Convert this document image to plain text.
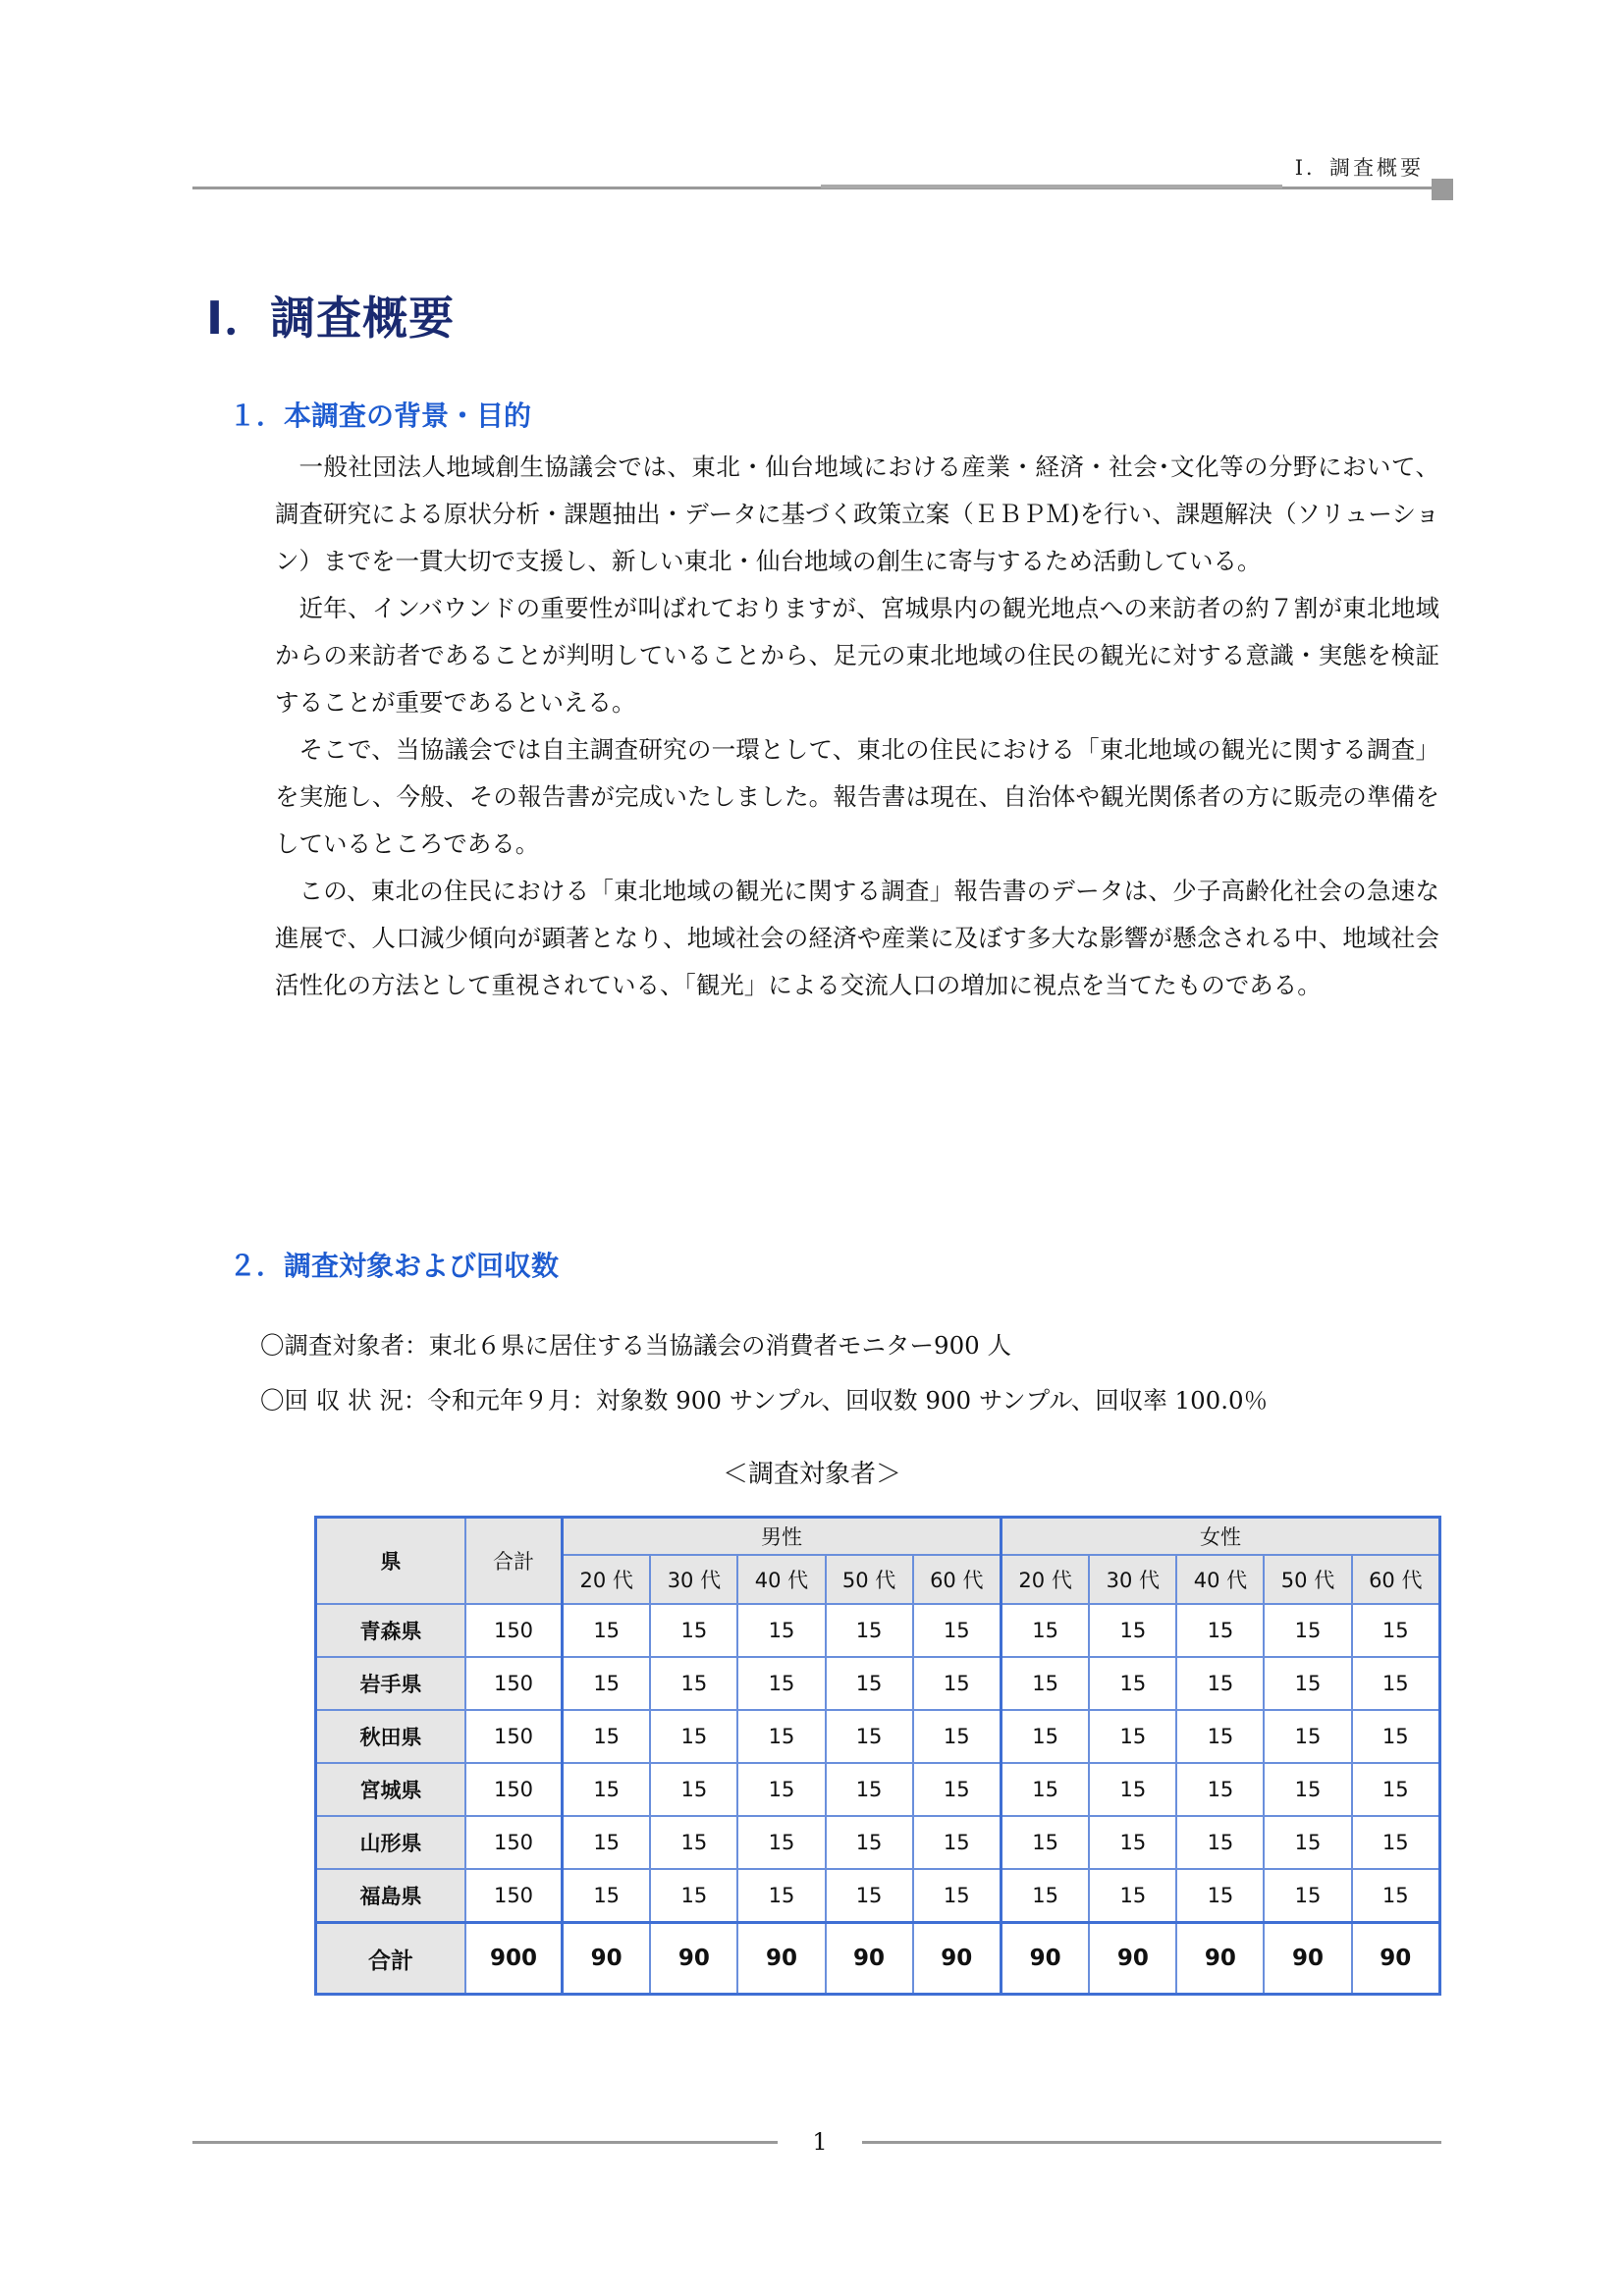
Ⅰ．調査概要
Ⅰ．調査概要
１．本調査の背景・目的

一般社団法人地域創生協議会では、東北・仙台地域における産業・経済・社会･文化等の分野において、調査研究による原状分析・課題抽出・データに基づく政策立案（ＥＢＰＭ)を行い、課題解決（ソリューション）までを一貫大切で支援し、新しい東北・仙台地域の創生に寄与するため活動している。

近年、インバウンドの重要性が叫ばれておりますが、宮城県内の観光地点への来訪者の約７割が東北地域からの来訪者であることが判明していることから、足元の東北地域の住民の観光に対する意識・実態を検証することが重要であるといえる。

そこで、当協議会では自主調査研究の一環として、東北の住民における「東北地域の観光に関する調査」を実施し、今般、その報告書が完成いたしました。報告書は現在、自治体や観光関係者の方に販売の準備をしているところである。

この、東北の住民における「東北地域の観光に関する調査」報告書のデータは、少子高齢化社会の急速な進展で、人口減少傾向が顕著となり、地域社会の経済や産業に及ぼす多大な影響が懸念される中、地域社会活性化の方法として重視されている、「観光」による交流人口の増加に視点を当てたものである。

２．調査対象および回収数
〇調査対象者：東北６県に居住する当協議会の消費者モニター900 人
〇回 収 状 況：令和元年９月：対象数 900 サンプル、回収数 900 サンプル、回収率 100.0％
＜調査対象者＞
県	合計	男性					女性				
		20 代	30 代	40 代	50 代	60 代	20 代	30 代	40 代	50 代	60 代
青森県	150	15	15	15	15	15	15	15	15	15	15
岩手県	150	15	15	15	15	15	15	15	15	15	15
秋田県	150	15	15	15	15	15	15	15	15	15	15
宮城県	150	15	15	15	15	15	15	15	15	15	15
山形県	150	15	15	15	15	15	15	15	15	15	15
福島県	150	15	15	15	15	15	15	15	15	15	15
合計	900	90	90	90	90	90	90	90	90	90	90
1
